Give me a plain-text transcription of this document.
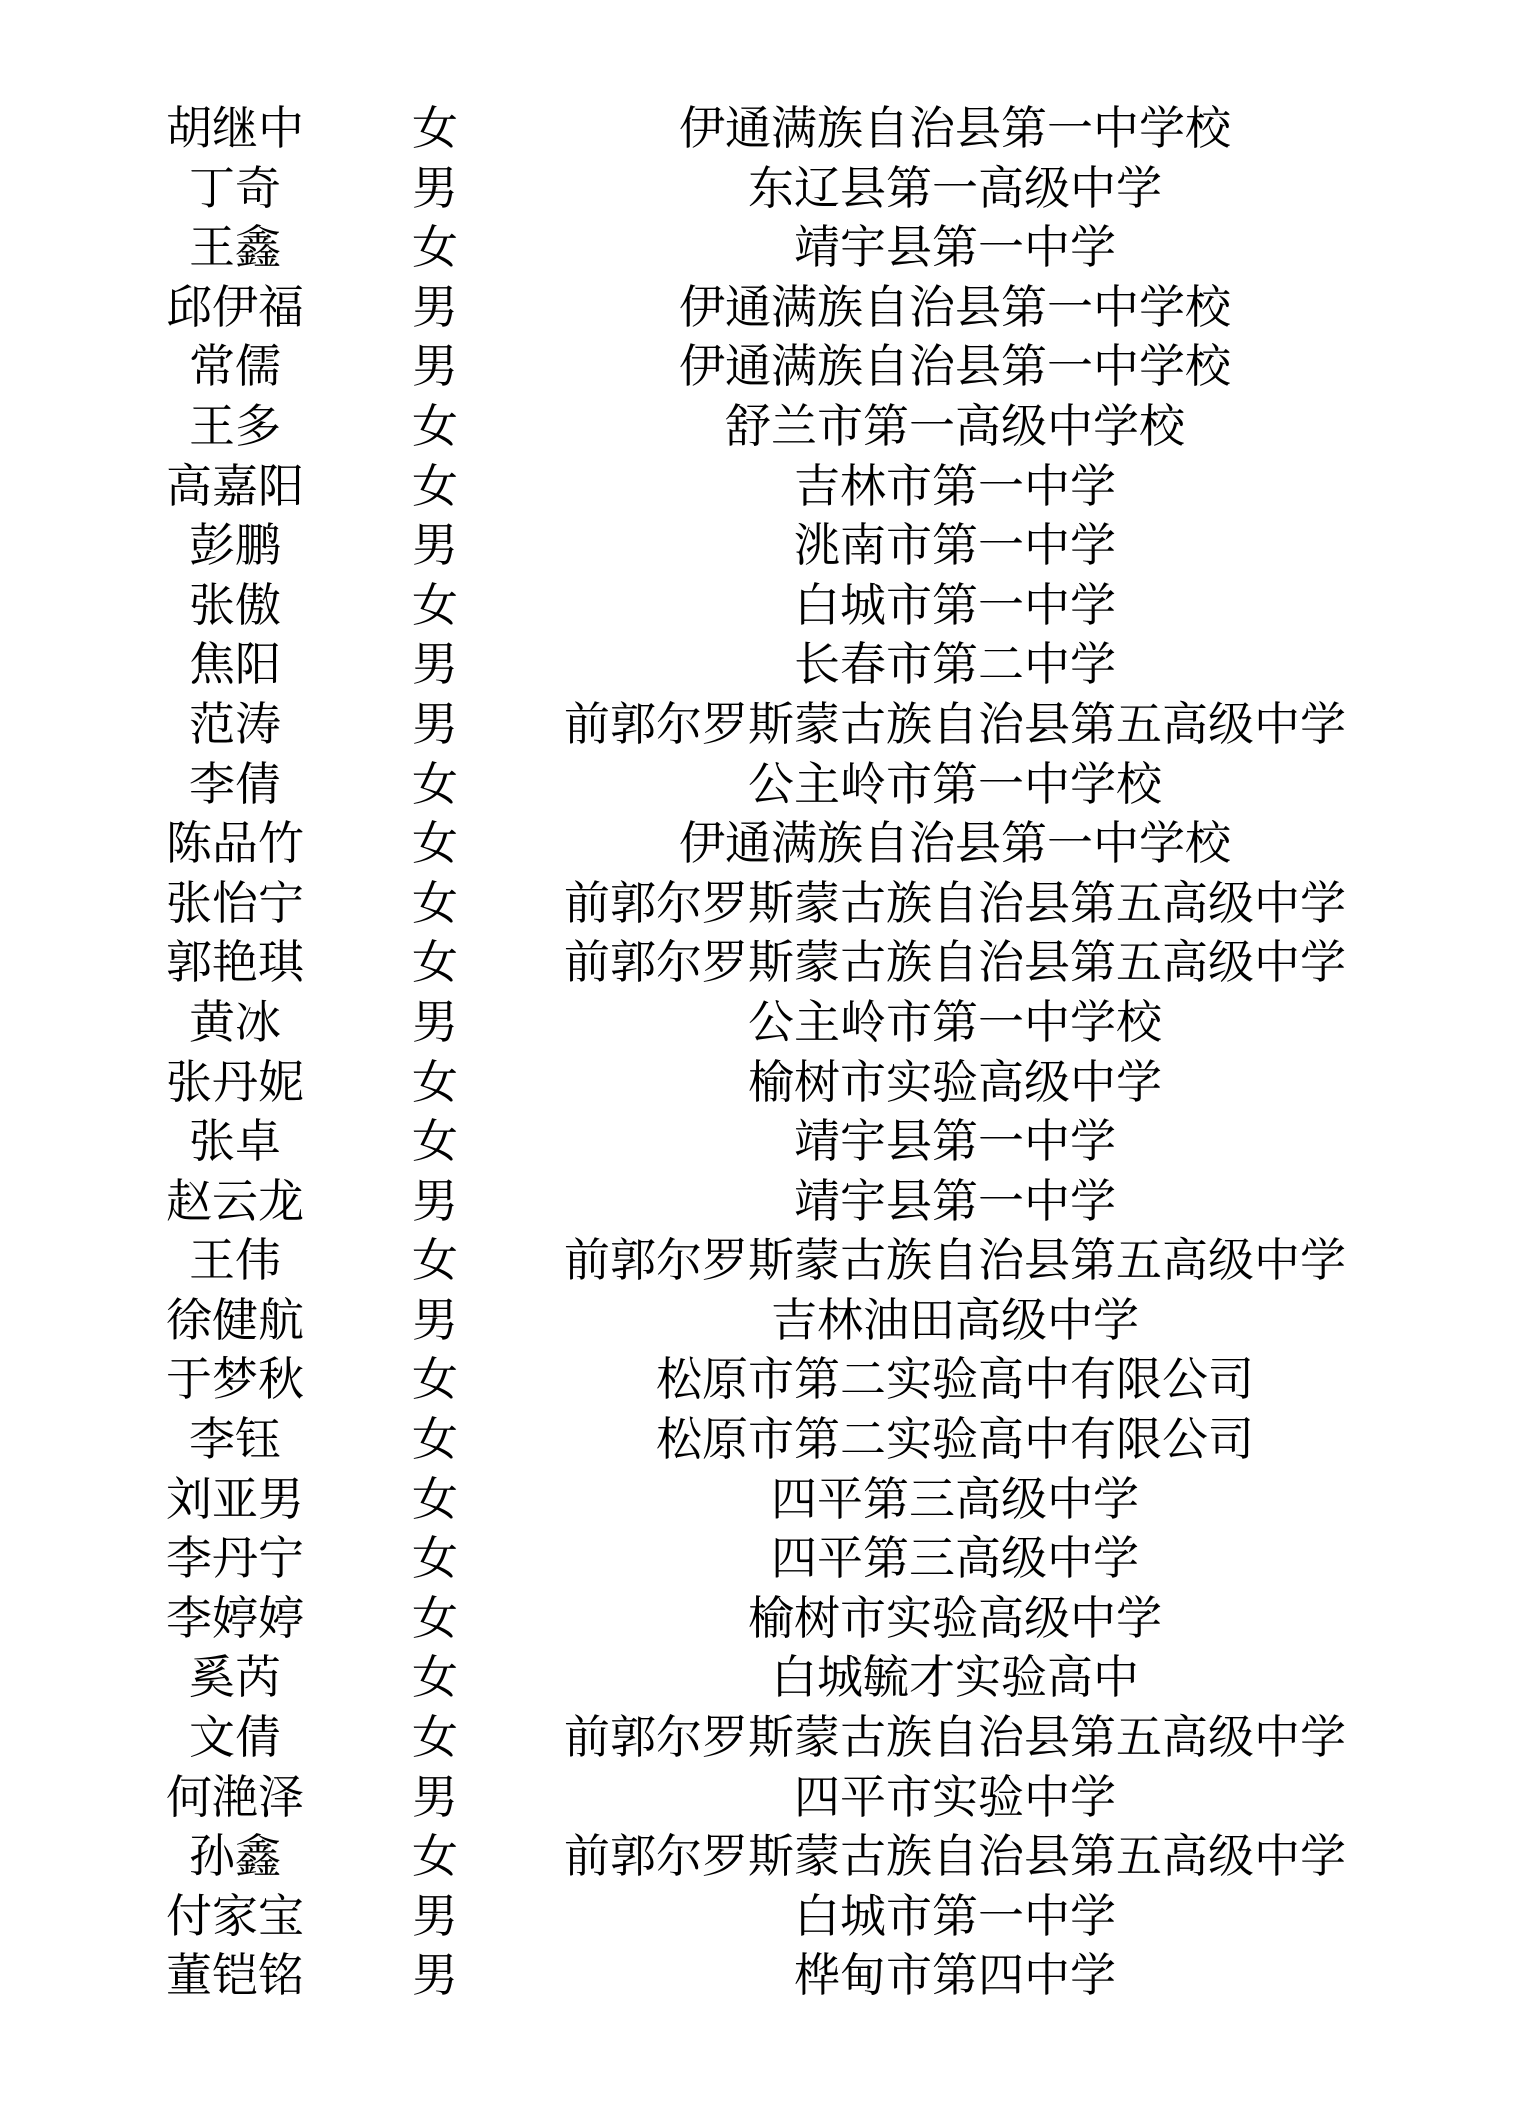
胡继中	女	伊通满族自治县第一中学校
丁奇	男	东辽县第一高级中学
王鑫	女	靖宇县第一中学
邱伊福	男	伊通满族自治县第一中学校
常儒	男	伊通满族自治县第一中学校
王多	女	舒兰市第一高级中学校
高嘉阳	女	吉林市第一中学
彭鹏	男	洮南市第一中学
张傲	女	白城市第一中学
焦阳	男	长春市第二中学
范涛	男	前郭尔罗斯蒙古族自治县第五高级中学
李倩	女	公主岭市第一中学校
陈品竹	女	伊通满族自治县第一中学校
张怡宁	女	前郭尔罗斯蒙古族自治县第五高级中学
郭艳琪	女	前郭尔罗斯蒙古族自治县第五高级中学
黄冰	男	公主岭市第一中学校
张丹妮	女	榆树市实验高级中学
张卓	女	靖宇县第一中学
赵云龙	男	靖宇县第一中学
王伟	女	前郭尔罗斯蒙古族自治县第五高级中学
徐健航	男	吉林油田高级中学
于梦秋	女	松原市第二实验高中有限公司
李钰	女	松原市第二实验高中有限公司
刘亚男	女	四平第三高级中学
李丹宁	女	四平第三高级中学
李婷婷	女	榆树市实验高级中学
奚芮	女	白城毓才实验高中
文倩	女	前郭尔罗斯蒙古族自治县第五高级中学
何滟泽	男	四平市实验中学
孙鑫	女	前郭尔罗斯蒙古族自治县第五高级中学
付家宝	男	白城市第一中学
董铠铭	男	桦甸市第四中学
